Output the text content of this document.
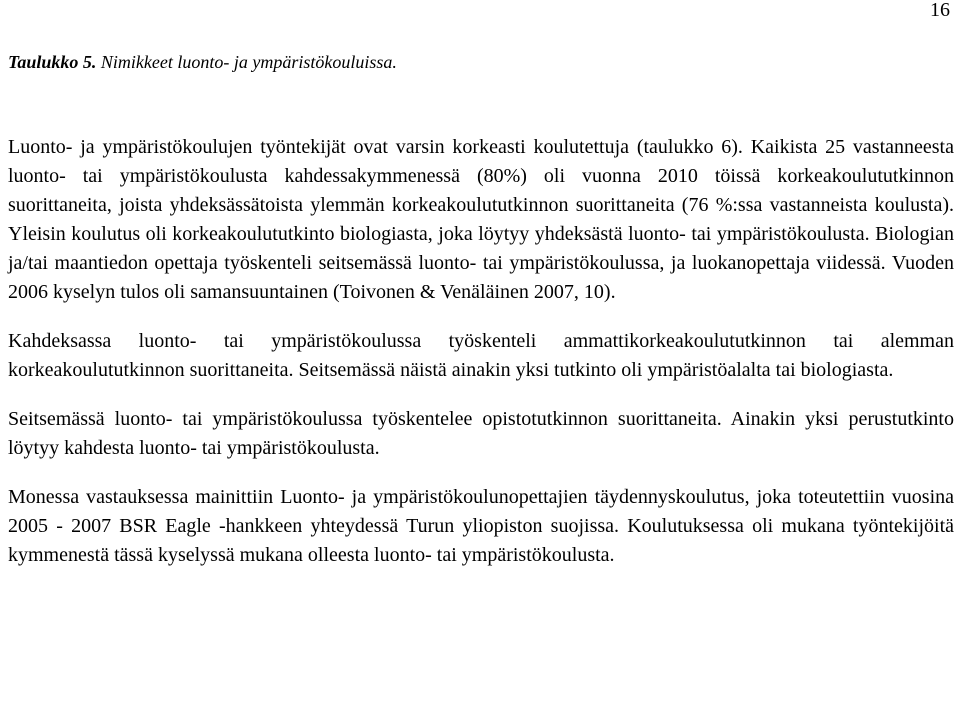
16
Taulukko 5. Nimikkeet luonto- ja ympäristökouluissa.

Luonto- ja ympäristökoulujen työntekijät ovat varsin korkeasti koulutettuja (taulukko 6). Kaikista 25 vastanneesta luonto- tai ympäristökoulusta kahdessakymmenessä (80%) oli vuonna 2010 töissä korkeakoulututkinnon suorittaneita, joista yhdeksässätoista ylemmän korkeakoulututkinnon suorittaneita (76 %:ssa vastanneista koulusta). Yleisin koulutus oli korkeakoulututkinto biologiasta, joka löytyy yhdeksästä luonto- tai ympäristökoulusta. Biologian ja/tai maantiedon opettaja työskenteli seitsemässä luonto- tai ympäristökoulussa, ja luokanopettaja viidessä. Vuoden 2006 kyselyn tulos oli samansuuntainen (Toivonen & Venäläinen 2007, 10).

Kahdeksassa luonto- tai ympäristökoulussa työskenteli ammattikorkeakoulututkinnon tai alemman korkeakoulututkinnon suorittaneita. Seitsemässä näistä ainakin yksi tutkinto oli ympäristöalalta tai biologiasta.

Seitsemässä luonto- tai ympäristökoulussa työskentelee opistotutkinnon suorittaneita. Ainakin yksi perustutkinto löytyy kahdesta luonto- tai ympäristökoulusta.

Monessa vastauksessa mainittiin Luonto- ja ympäristökoulunopettajien täydennyskoulutus, joka toteutettiin vuosina 2005 - 2007 BSR Eagle -hankkeen yhteydessä Turun yliopiston suojissa. Koulutuksessa oli mukana työntekijöitä kymmenestä tässä kyselyssä mukana olleesta luonto- tai ympäristökoulusta.
